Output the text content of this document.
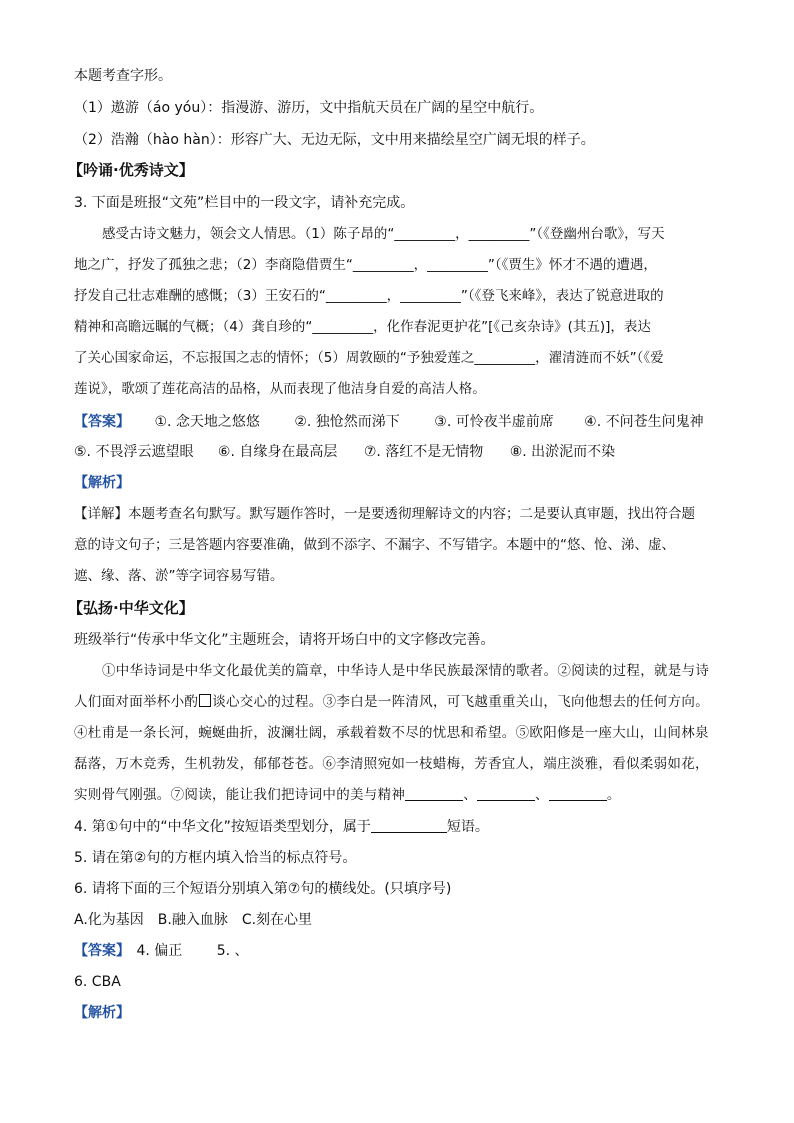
本题考查字形。
（1）遨游（áo yóu）：指漫游、游历，文中指航天员在广阔的星空中航行。
（2）浩瀚（hào hàn）：形容广大、无边无际，文中用来描绘星空广阔无垠的样子。
【吟诵·优秀诗文】
3. 下面是班报“文苑”栏目中的一段文字，请补充完成。
感受古诗文魅力，领会文人情思。（1）陈子昂的“_________，_________”（《登幽州台歌》，写天
地之广，抒发了孤独之悲；（2）李商隐借贾生“_________，_________”（《贾生》怀才不遇的遭遇，
抒发自己壮志难酬的感慨；（3）王安石的“_________，_________”（《登飞来峰》，表达了锐意进取的
精神和高瞻远瞩的气概；（4）龚自珍的“_________，化作春泥更护花”[《己亥杂诗》(其五)]，表达
了关心国家命运，不忘报国之志的情怀；（5）周敦颐的“予独爱莲之_________，濯清涟而不妖”（《爱
莲说》，歌颂了莲花高洁的品格，从而表现了他洁身自爱的高洁人格。
【答案】 ①. 念天地之悠悠 ②. 独怆然而涕下 ③. 可怜夜半虚前席 ④. 不问苍生问鬼神
⑤. 不畏浮云遮望眼 ⑥. 自缘身在最高层 ⑦. 落红不是无情物 ⑧. 出淤泥而不染
【解析】
【详解】本题考查名句默写。默写题作答时，一是要透彻理解诗文的内容；二是要认真审题，找出符合题
意的诗文句子；三是答题内容要准确，做到不添字、不漏字、不写错字。本题中的“悠、怆、涕、虚、
遮、缘、落、淤”等字词容易写错。
【弘扬·中华文化】
班级举行“传承中华文化”主题班会，请将开场白中的文字修改完善。
①中华诗词是中华文化最优美的篇章，中华诗人是中华民族最深情的歌者。②阅读的过程，就是与诗
人们面对面举杯小酌 谈心交心的过程。③李白是一阵清风，可飞越重重关山，飞向他想去的任何方向。
④杜甫是一条长河，蜿蜒曲折，波澜壮阔，承载着数不尽的忧思和希望。⑤欧阳修是一座大山，山间林泉
磊落，万木竞秀，生机勃发，郁郁苍苍。⑥李清照宛如一枝蜡梅，芳香宜人，端庄淡雅，看似柔弱如花，
实则骨气刚强。⑦阅读，能让我们把诗词中的美与精神	、	、	。
4. 第①句中的“中华文化”按短语类型划分，属于	短语。
5. 请在第②句的方框内填入恰当的标点符号。
6. 请将下面的三个短语分别填入第⑦句的横线处。(只填序号)
A.化为基因　B.融入血脉　C.刻在心里
【答案】 4. 偏正 5. 、
6. CBA
【解析】
